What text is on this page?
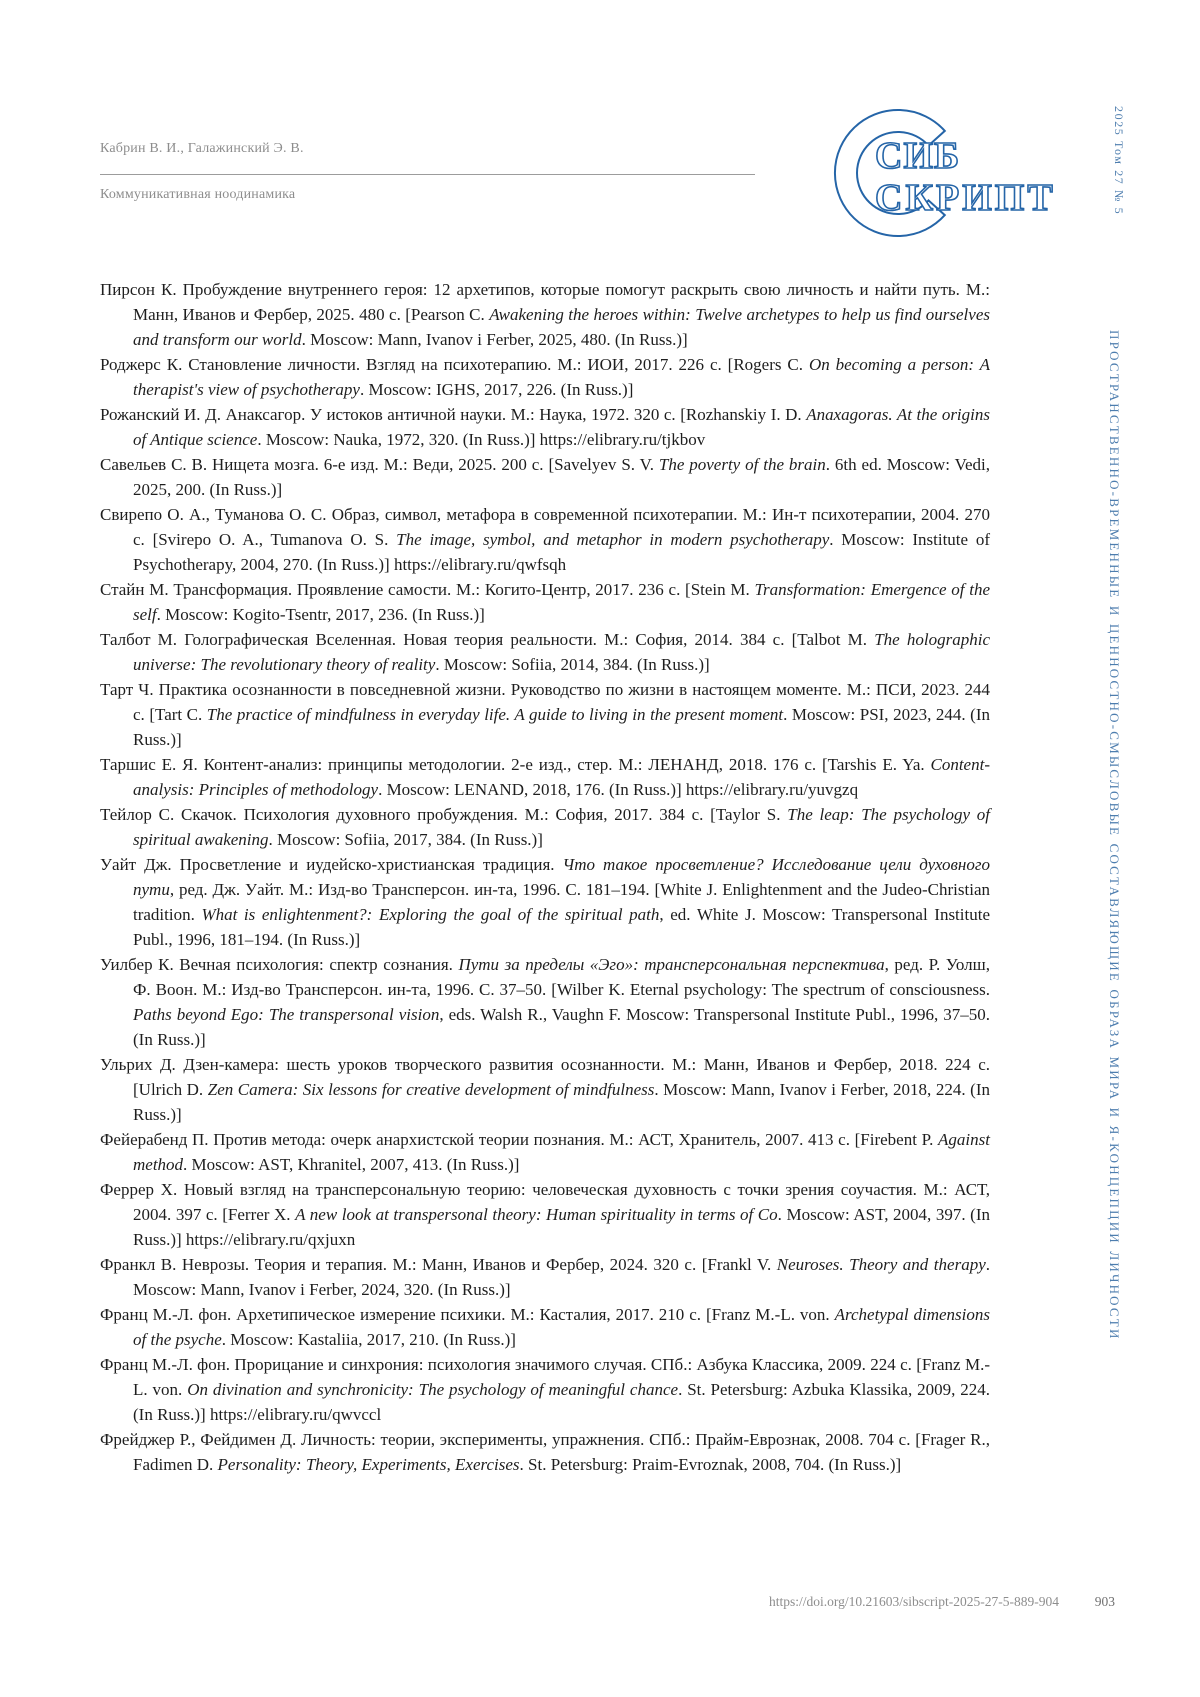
Кабрин В. И., Галажинский Э. В.
Коммуникативная ноодинамика
СИБ
СКРИПТ	2025 Том 27 № 5
ПРОСТРАНСТВЕННО-ВРЕМЕННЫЕ И ЦЕННОСТНО-СМЫСЛОВЫЕ СОСТАВЛЯЮЩИЕ ОБРАЗА МИРА И Я-КОНЦЕПЦИИ ЛИЧНОСТИ
Пирсон К. Пробуждение внутреннего героя: 12 архетипов, которые помогут раскрыть свою личность и найти путь. М.: Манн, Иванов и Фербер, 2025. 480 с. [Pearson C. Awakening the heroes within: Twelve archetypes to help us find ourselves and transform our world. Moscow: Mann, Ivanov i Ferber, 2025, 480. (In Russ.)]
Роджерс К. Становление личности. Взгляд на психотерапию. М.: ИОИ, 2017. 226 с. [Rogers C. On becoming a person: A therapist's view of psychotherapy. Moscow: IGHS, 2017, 226. (In Russ.)]
Рожанский И. Д. Анаксагор. У истоков античной науки. М.: Наука, 1972. 320 с. [Rozhanskiy I. D. Anaxagoras. At the origins of Antique science. Moscow: Nauka, 1972, 320. (In Russ.)] https://elibrary.ru/tjkbov
Савельев С. В. Нищета мозга. 6-е изд. М.: Веди, 2025. 200 с. [Savelyev S. V. The poverty of the brain. 6th ed. Moscow: Vedi, 2025, 200. (In Russ.)]
Свирепо О. А., Туманова О. С. Образ, символ, метафора в современной психотерапии. М.: Ин-т психотерапии, 2004. 270 с. [Svirepo O. A., Tumanova O. S. The image, symbol, and metaphor in modern psychotherapy. Moscow: Institute of Psychotherapy, 2004, 270. (In Russ.)] https://elibrary.ru/qwfsqh
Стайн М. Трансформация. Проявление самости. М.: Когито-Центр, 2017. 236 с. [Stein M. Transformation: Emergence of the self. Moscow: Kogito-Tsentr, 2017, 236. (In Russ.)]
Талбот М. Голографическая Вселенная. Новая теория реальности. М.: София, 2014. 384 с. [Talbot M. The holographic universe: The revolutionary theory of reality. Moscow: Sofiia, 2014, 384. (In Russ.)]
Тарт Ч. Практика осознанности в повседневной жизни. Руководство по жизни в настоящем моменте. М.: ПСИ, 2023. 244 с. [Tart C. The practice of mindfulness in everyday life. A guide to living in the present moment. Moscow: PSI, 2023, 244. (In Russ.)]
Таршис Е. Я. Контент-анализ: принципы методологии. 2-е изд., стер. М.: ЛЕНАНД, 2018. 176 с. [Tarshis E. Ya. Content-analysis: Principles of methodology. Moscow: LENAND, 2018, 176. (In Russ.)] https://elibrary.ru/yuvgzq
Тейлор С. Скачок. Психология духовного пробуждения. М.: София, 2017. 384 с. [Taylor S. The leap: The psychology of spiritual awakening. Moscow: Sofiia, 2017, 384. (In Russ.)]
Уайт Дж. Просветление и иудейско-христианская традиция. Что такое просветление? Исследование цели духовного пути, ред. Дж. Уайт. М.: Изд-во Трансперсон. ин-та, 1996. С. 181–194. [White J. Enlightenment and the Judeo-Christian tradition. What is enlightenment?: Exploring the goal of the spiritual path, ed. White J. Moscow: Transpersonal Institute Publ., 1996, 181–194. (In Russ.)]
Уилбер К. Вечная психология: спектр сознания. Пути за пределы «Эго»: трансперсональная перспектива, ред. Р. Уолш, Ф. Воон. М.: Изд-во Трансперсон. ин-та, 1996. С. 37–50. [Wilber K. Eternal psychology: The spectrum of consciousness. Paths beyond Ego: The transpersonal vision, eds. Walsh R., Vaughn F. Moscow: Transpersonal Institute Publ., 1996, 37–50. (In Russ.)]
Ульрих Д. Дзен-камера: шесть уроков творческого развития осознанности. М.: Манн, Иванов и Фербер, 2018. 224 с. [Ulrich D. Zen Camera: Six lessons for creative development of mindfulness. Moscow: Mann, Ivanov i Ferber, 2018, 224. (In Russ.)]
Фейерабенд П. Против метода: очерк анархистской теории познания. М.: АСТ, Хранитель, 2007. 413 с. [Firebent P. Against method. Moscow: AST, Khranitel, 2007, 413. (In Russ.)]
Феррер Х. Новый взгляд на трансперсональную теорию: человеческая духовность с точки зрения соучастия. М.: АСТ, 2004. 397 с. [Ferrer X. A new look at transpersonal theory: Human spirituality in terms of Co. Moscow: AST, 2004, 397. (In Russ.)] https://elibrary.ru/qxjuxn
Франкл В. Неврозы. Теория и терапия. М.: Манн, Иванов и Фербер, 2024. 320 с. [Frankl V. Neuroses. Theory and therapy. Moscow: Mann, Ivanov i Ferber, 2024, 320. (In Russ.)]
Франц М.-Л. фон. Архетипическое измерение психики. М.: Касталия, 2017. 210 с. [Franz M.-L. von. Archetypal dimensions of the psyche. Moscow: Kastaliia, 2017, 210. (In Russ.)]
Франц М.-Л. фон. Прорицание и синхрония: психология значимого случая. СПб.: Азбука Классика, 2009. 224 с. [Franz M.-L. von. On divination and synchronicity: The psychology of meaningful chance. St. Petersburg: Azbuka Klassika, 2009, 224. (In Russ.)] https://elibrary.ru/qwvccl
Фрейджер Р., Фейдимен Д. Личность: теории, эксперименты, упражнения. СПб.: Прайм-Еврознак, 2008. 704 с. [Frager R., Fadimen D. Personality: Theory, Experiments, Exercises. St. Petersburg: Praim-Evroznak, 2008, 704. (In Russ.)]
https://doi.org/10.21603/sibscript-2025-27-5-889-904	903
